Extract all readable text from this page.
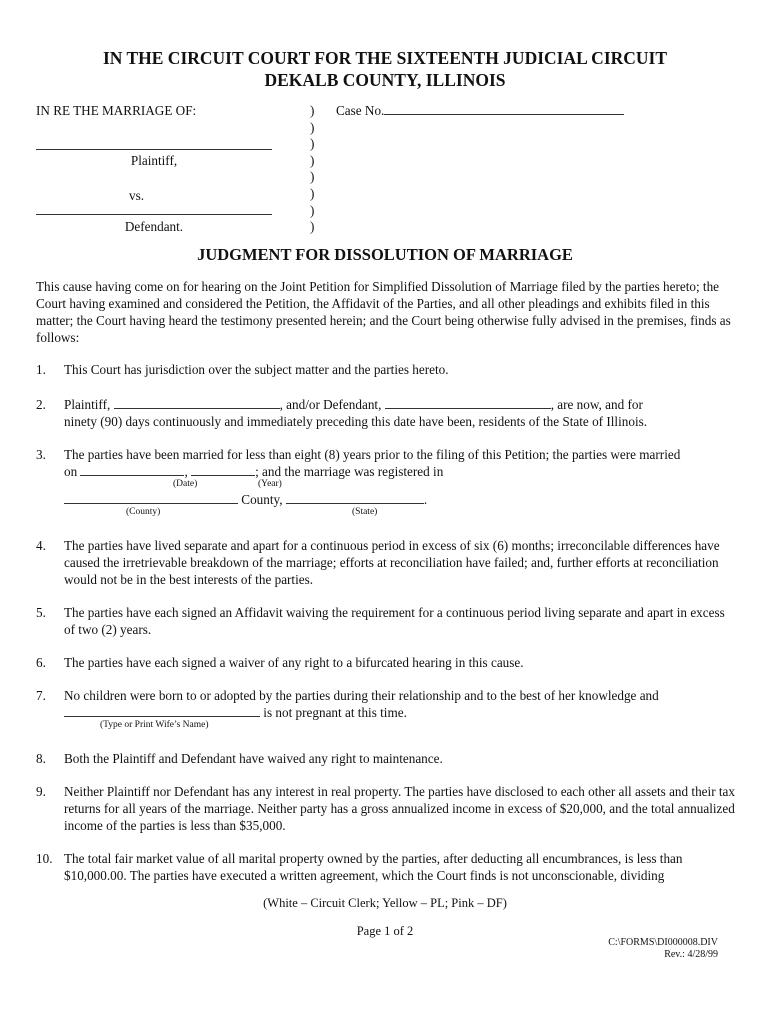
IN THE CIRCUIT COURT FOR THE SIXTEENTH JUDICIAL CIRCUIT
DEKALB COUNTY, ILLINOIS
IN RE THE MARRIAGE OF:
Plaintiff,
vs.
Defendant.
)
)
)
)
)
)
)
)
Case No.
JUDGMENT FOR DISSOLUTION OF MARRIAGE
This cause having come on for hearing on the Joint Petition for Simplified Dissolution of Marriage filed by the parties hereto; the Court having examined and considered the Petition, the Affidavit of the Parties, and all other pleadings and exhibits filed in this matter; the Court having heard the testimony presented herein; and the Court being otherwise fully advised in the premises, finds as follows:
1. This Court has jurisdiction over the subject matter and the parties hereto.
2. Plaintiff,	, and/or Defendant,	, are now, and for
ninety (90) days continuously and immediately preceding this date have been, residents of the State of Illinois.
3. The parties have been married for less than eight (8) years prior to the filing of this Petition; the parties were married
on	,	; and the marriage was registered in
(Date)	(Year)
County,	.
(County)	(State)
4. The parties have lived separate and apart for a continuous period in excess of six (6) months; irreconcilable differences have caused the irretrievable breakdown of the marriage; efforts at reconciliation have failed; and, further efforts at reconciliation would not be in the best interests of the parties.
5. The parties have each signed an Affidavit waiving the requirement for a continuous period living separate and apart in excess of two (2) years.
6. The parties have each signed a waiver of any right to a bifurcated hearing in this cause.
7. No children were born to or adopted by the parties during their relationship and to the best of her knowledge and
is not pregnant at this time.
(Type or Print Wife’s Name)
8. Both the Plaintiff and Defendant have waived any right to maintenance.
9. Neither Plaintiff nor Defendant has any interest in real property. The parties have disclosed to each other all assets and their tax returns for all years of the marriage. Neither party has a gross annualized income in excess of $20,000, and the total annualized income of the parties is less than $35,000.
10. The total fair market value of all marital property owned by the parties, after deducting all encumbrances, is less than $10,000.00. The parties have executed a written agreement, which the Court finds is not unconscionable, dividing
(White – Circuit Clerk; Yellow – PL; Pink – DF)
Page 1 of 2
C:\FORMS\DI000008.DIV
Rev.: 4/28/99
